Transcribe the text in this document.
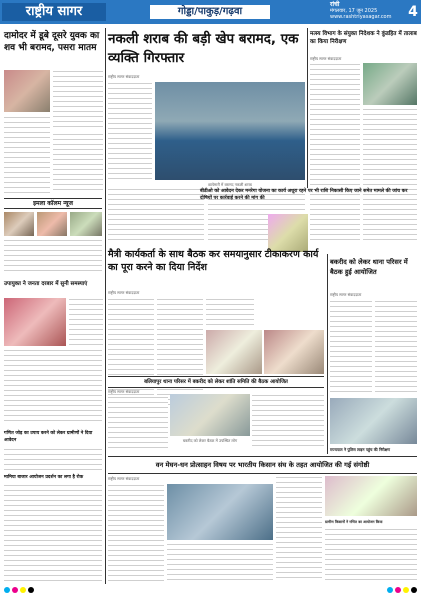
राष्ट्रीय सागर	गोड्डा/पाकुड़/गढ़वा
रांची
मंगलवार, 17 जून 2025
www.rashtriyasagar.com	4
दामोदर में डूबे दूसरे युवक का शव भी बरामद, पसरा मातम
इमला कॉलम न्यूज
उपायुक्त ने जनता दरबार में सुनी समस्याएं
गणित जोड़ का उपाय करने को लेकर ग्रामीणों ने दिया आवेदन
मामिया बाजार आयोजन प्रदर्शन का लगा है रोक
नकली शराब की बड़ी खेप बरामद, एक व्यक्ति गिरफ्तार
राष्ट्रीय सागर संवाददाता
छापेमारी में बरामद नकली शराब
मत्स्य विभाग के संयुक्त निदेशक ने कुंडहित में तालाब का किया निरीक्षण
राष्ट्रीय सागर संवाददाता
बीडीओ को आवेदन देकर मनरेगा योजना का कार्य अधूरा रहने पर भी राशि निकासी किए जाने समेत मामले की जांच कर दोषियों पर कार्रवाई करने की मांग की
मैत्री कार्यकर्ता के साथ बैठक कर समयानुसार टीकाकरण कार्य का पूरा करने का दिया निर्देश
राष्ट्रीय सागर संवाददाता
बकरीद को लेकर थाना परिसर में बैठक हुई आयोजित
राष्ट्रीय सागर संवाददाता
बलियापुर थाना परिसर में बकरीद को लेकर शांति समिति की बैठक आयोजित
राष्ट्रीय सागर संवाददाता
बकरीद को लेकर बैठक में उपस्थित लोग
राज्यपाल ने पुलिस लाइन पहुंच की निरीक्षण
वन मेघन-धन प्रोत्साहन विषय पर भारतीय किसान संघ के तहत आयोजित की गई संगोष्ठी
राष्ट्रीय सागर संवाददाता
ग्रामीण किसानों ने गणित का आयोजन किया
